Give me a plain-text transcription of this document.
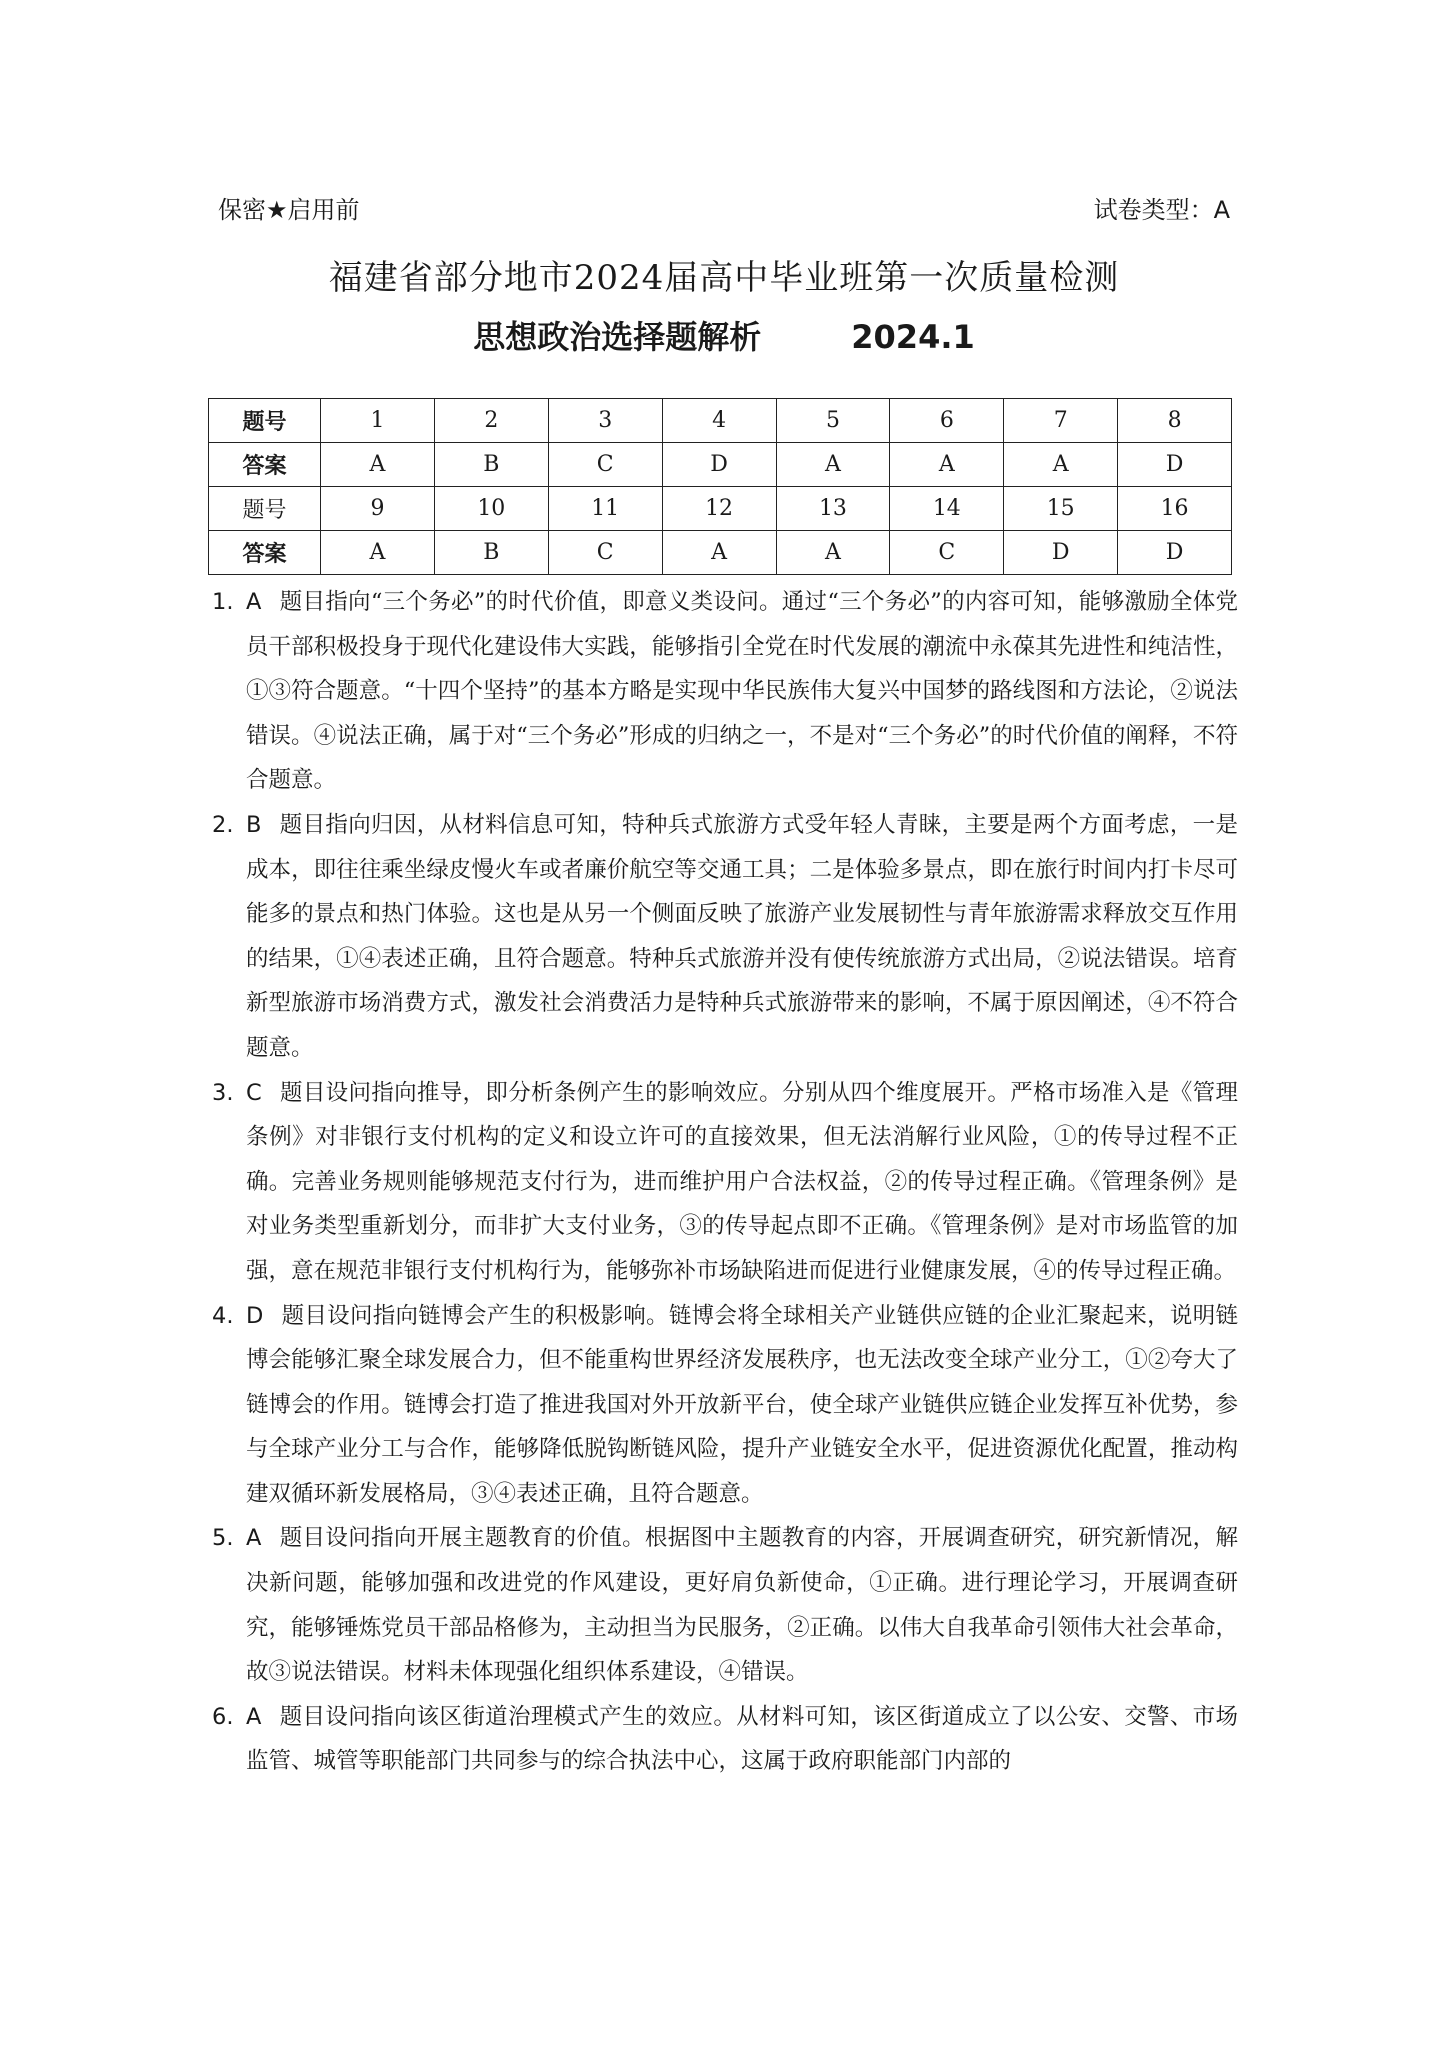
保密★启用前	试卷类型：A
福建省部分地市2024届高中毕业班第一次质量检测
思想政治选择题解析	2024.1
题号	1	2	3	4	5	6	7	8
答案	A	B	C	D	A	A	A	D
题号	9	10	11	12	13	14	15	16
答案	A	B	C	A	A	C	D	D

1. A 题目指向“三个务必”的时代价值，即意义类设问。通过“三个务必”的内容可知，能够激励全体党员干部积极投身于现代化建设伟大实践，能够指引全党在时代发展的潮流中永葆其先进性和纯洁性，①③符合题意。“十四个坚持”的基本方略是实现中华民族伟大复兴中国梦的路线图和方法论，②说法错误。④说法正确，属于对“三个务必”形成的归纳之一，不是对“三个务必”的时代价值的阐释，不符合题意。

2. B 题目指向归因，从材料信息可知，特种兵式旅游方式受年轻人青睐，主要是两个方面考虑，一是成本，即往往乘坐绿皮慢火车或者廉价航空等交通工具；二是体验多景点，即在旅行时间内打卡尽可能多的景点和热门体验。这也是从另一个侧面反映了旅游产业发展韧性与青年旅游需求释放交互作用的结果，①④表述正确，且符合题意。特种兵式旅游并没有使传统旅游方式出局，②说法错误。培育新型旅游市场消费方式，激发社会消费活力是特种兵式旅游带来的影响，不属于原因阐述，④不符合题意。

3. C 题目设问指向推导，即分析条例产生的影响效应。分别从四个维度展开。严格市场准入是《管理条例》对非银行支付机构的定义和设立许可的直接效果，但无法消解行业风险，①的传导过程不正确。完善业务规则能够规范支付行为，进而维护用户合法权益，②的传导过程正确。《管理条例》是对业务类型重新划分，而非扩大支付业务，③的传导起点即不正确。《管理条例》是对市场监管的加强，意在规范非银行支付机构行为，能够弥补市场缺陷进而促进行业健康发展，④的传导过程正确。

4. D 题目设问指向链博会产生的积极影响。链博会将全球相关产业链供应链的企业汇聚起来，说明链博会能够汇聚全球发展合力，但不能重构世界经济发展秩序，也无法改变全球产业分工，①②夸大了链博会的作用。链博会打造了推进我国对外开放新平台，使全球产业链供应链企业发挥互补优势，参与全球产业分工与合作，能够降低脱钩断链风险，提升产业链安全水平，促进资源优化配置，推动构建双循环新发展格局，③④表述正确，且符合题意。

5. A 题目设问指向开展主题教育的价值。根据图中主题教育的内容，开展调查研究，研究新情况，解决新问题，能够加强和改进党的作风建设，更好肩负新使命，①正确。进行理论学习，开展调查研究，能够锤炼党员干部品格修为，主动担当为民服务，②正确。以伟大自我革命引领伟大社会革命，故③说法错误。材料未体现强化组织体系建设，④错误。

6. A 题目设问指向该区街道治理模式产生的效应。从材料可知，该区街道成立了以公安、交警、市场监管、城管等职能部门共同参与的综合执法中心，这属于政府职能部门内部的
